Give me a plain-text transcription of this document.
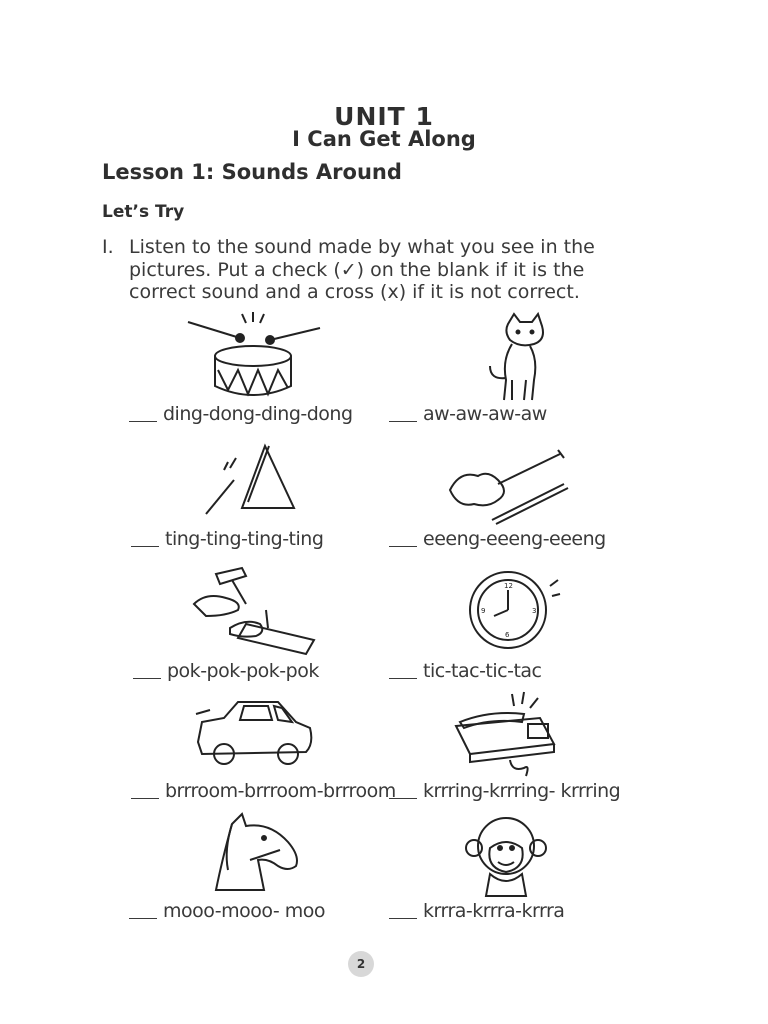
UNIT 1
I Can Get Along
Lesson 1: Sounds Around
Let’s Try
I. Listen to the sound made by what you see in the pictures. Put a check (✓) on the blank if it is the correct sound and a cross (x) if it is not correct.
ding-dong-ding-dong	aw-aw-aw-aw
ting-ting-ting-ting	eeeng-eeeng-eeeng
12
3
6
9
pok-pok-pok-pok	tic-tac-tic-tac
brrroom-brrroom-brrroom	krrring-krrring- krrring
mooo-mooo- moo	krrra-krrra-krrra
2
